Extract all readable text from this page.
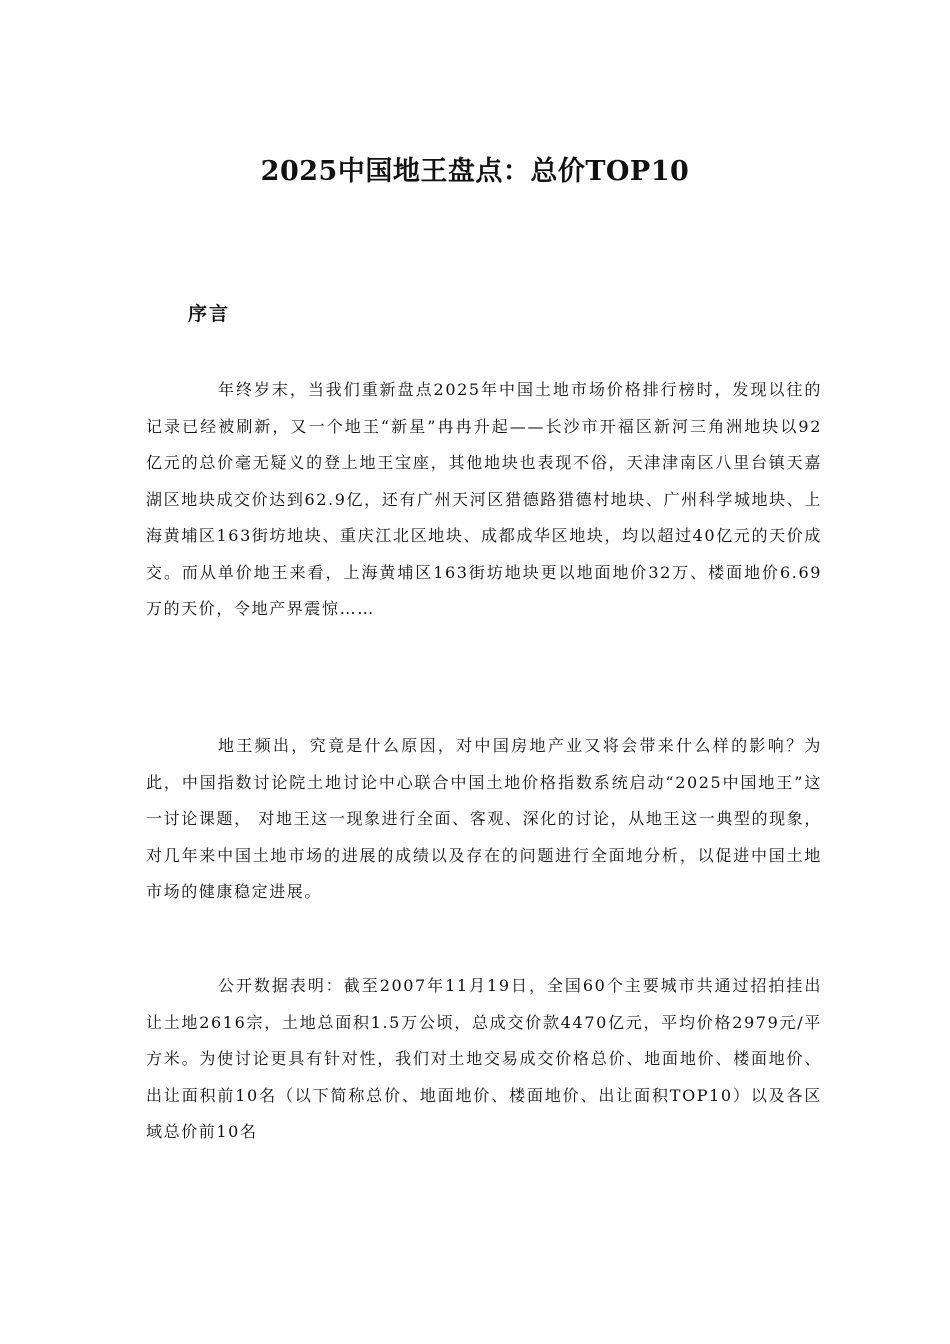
2025中国地王盘点：总价TOP10
序言

年终岁末，当我们重新盘点2025年中国土地市场价格排行榜时，发现以往的记录已经被刷新，又一个地王“新星”冉冉升起——长沙市开福区新河三角洲地块以92亿元的总价毫无疑义的登上地王宝座，其他地块也表现不俗，天津津南区八里台镇天嘉湖区地块成交价达到62.9亿，还有广州天河区猎德路猎德村地块、广州科学城地块、上海黄埔区163街坊地块、重庆江北区地块、成都成华区地块，均以超过40亿元的天价成交。而从单价地王来看，上海黄埔区163街坊地块更以地面地价32万、楼面地价6.69万的天价，令地产界震惊……

地王频出，究竟是什么原因，对中国房地产业又将会带来什么样的影响？为此，中国指数讨论院土地讨论中心联合中国土地价格指数系统启动“2025中国地王”这一讨论课题， 对地王这一现象进行全面、客观、深化的讨论，从地王这一典型的现象，对几年来中国土地市场的进展的成绩以及存在的问题进行全面地分析，以促进中国土地市场的健康稳定进展。

公开数据表明：截至2007年11月19日，全国60个主要城市共通过招拍挂出让土地2616宗，土地总面积1.5万公顷，总成交价款4470亿元，平均价格2979元/平方米。为使讨论更具有针对性，我们对土地交易成交价格总价、地面地价、楼面地价、出让面积前10名（以下简称总价、地面地价、楼面地价、出让面积TOP10）以及各区域总价前10名
